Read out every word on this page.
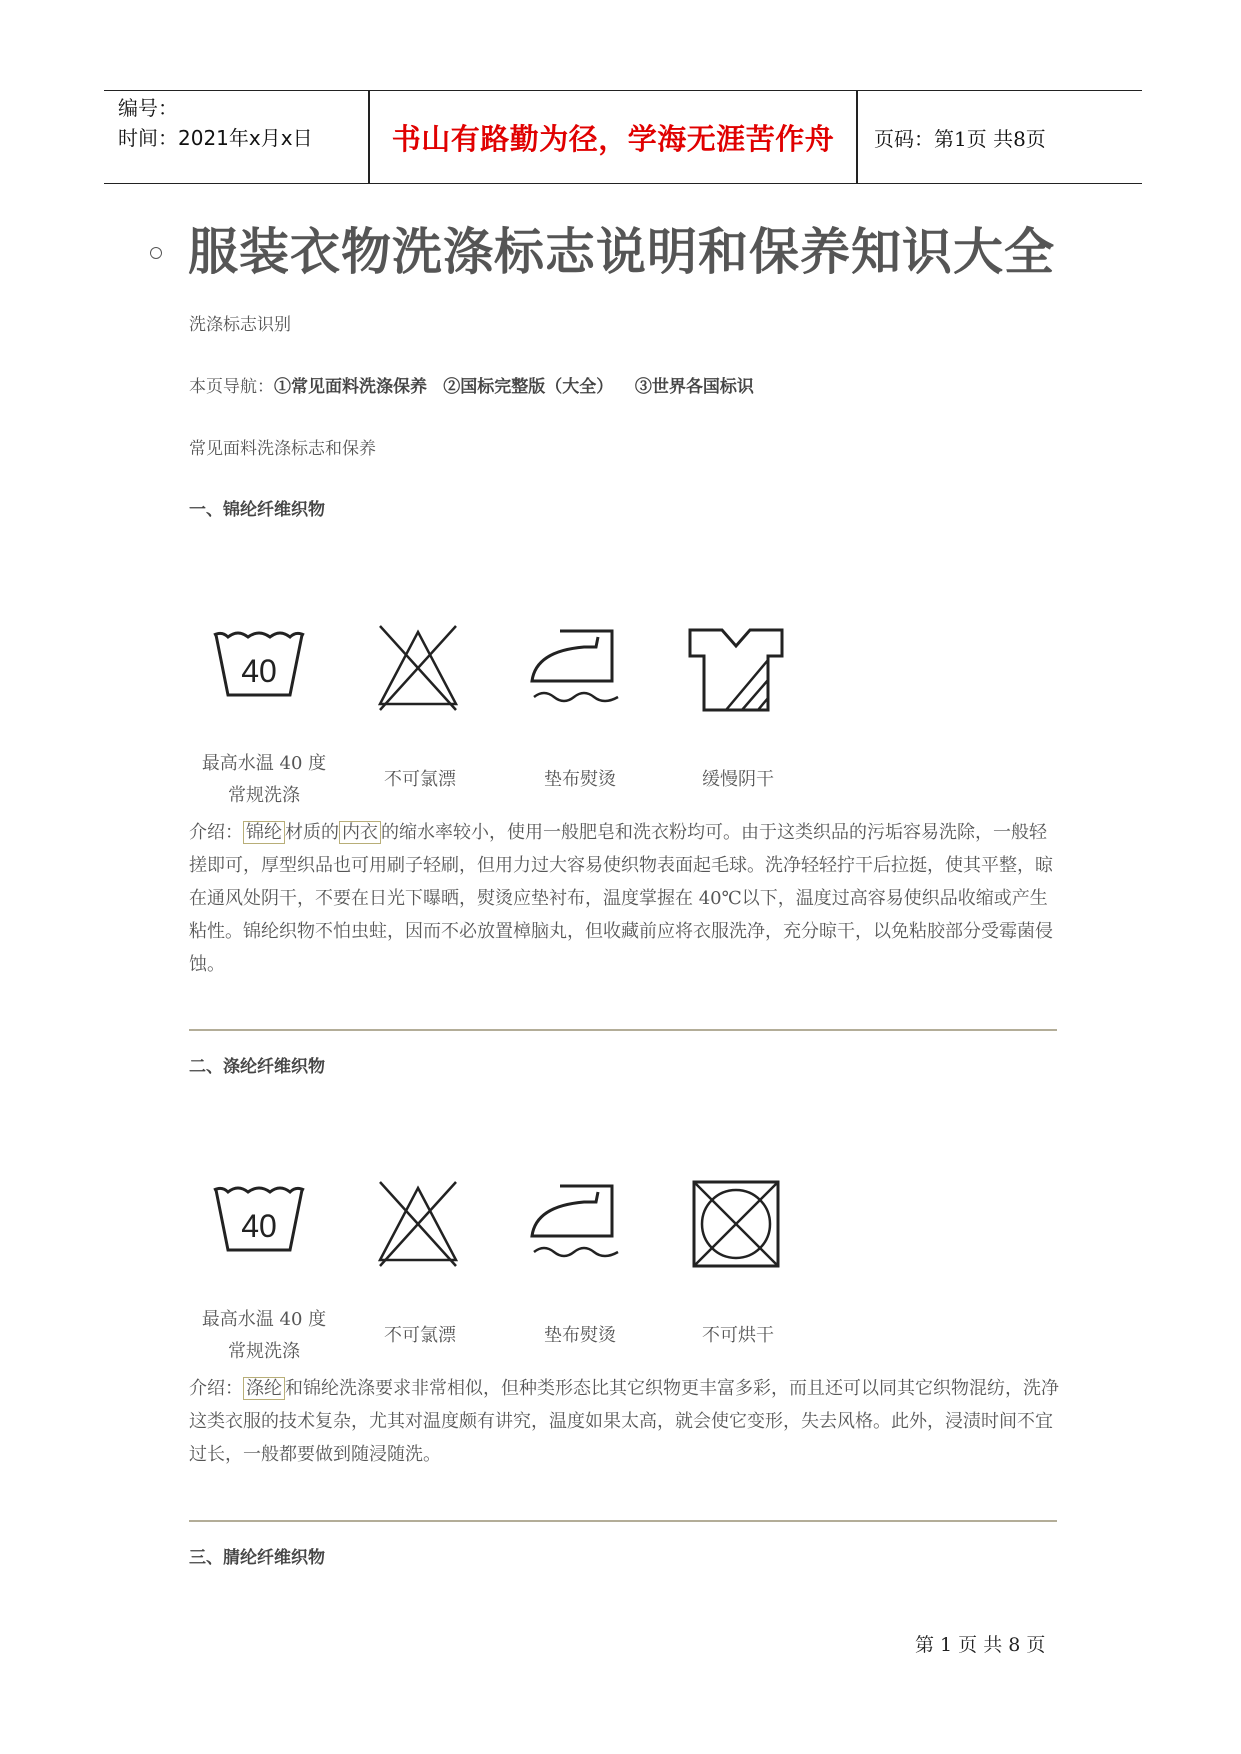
编号：
时间：2021年x月x日	书山有路勤为径，学海无涯苦作舟	页码：第1页 共8页
服装衣物洗涤标志说明和保养知识大全
洗涤标志识别
本页导航：①常见面料洗涤保养 ②国标完整版（大全） ③世界各国标识
常见面料洗涤标志和保养
一、锦纶纤维织物
40
最高水温 40 度
常规洗涤
不可氯漂	垫布熨烫	缓慢阴干
介绍： 锦纶 材质的 内衣 的缩水率较小，使用一般肥皂和洗衣粉均可。由于这类织品的污垢容易洗除，一般轻搓即可，厚型织品也可用刷子轻刷，但用力过大容易使织物表面起毛球。洗净轻轻拧干后拉挺，使其平整，晾在通风处阴干，不要在日光下曝晒，熨烫应垫衬布，温度掌握在 40℃以下，温度过高容易使织品收缩或产生粘性。锦纶织物不怕虫蛀，因而不必放置樟脑丸，但收藏前应将衣服洗净，充分晾干，以免粘胶部分受霉菌侵蚀。
二、涤纶纤维织物
40
最高水温 40 度
常规洗涤
不可氯漂	垫布熨烫	不可烘干
介绍： 涤纶 和锦纶洗涤要求非常相似，但种类形态比其它织物更丰富多彩，而且还可以同其它织物混纺，洗净这类衣服的技术复杂，尤其对温度颇有讲究，温度如果太高，就会使它变形，失去风格。此外，浸渍时间不宜过长，一般都要做到随浸随洗。
三、腈纶纤维织物
第 1 页 共 8 页
